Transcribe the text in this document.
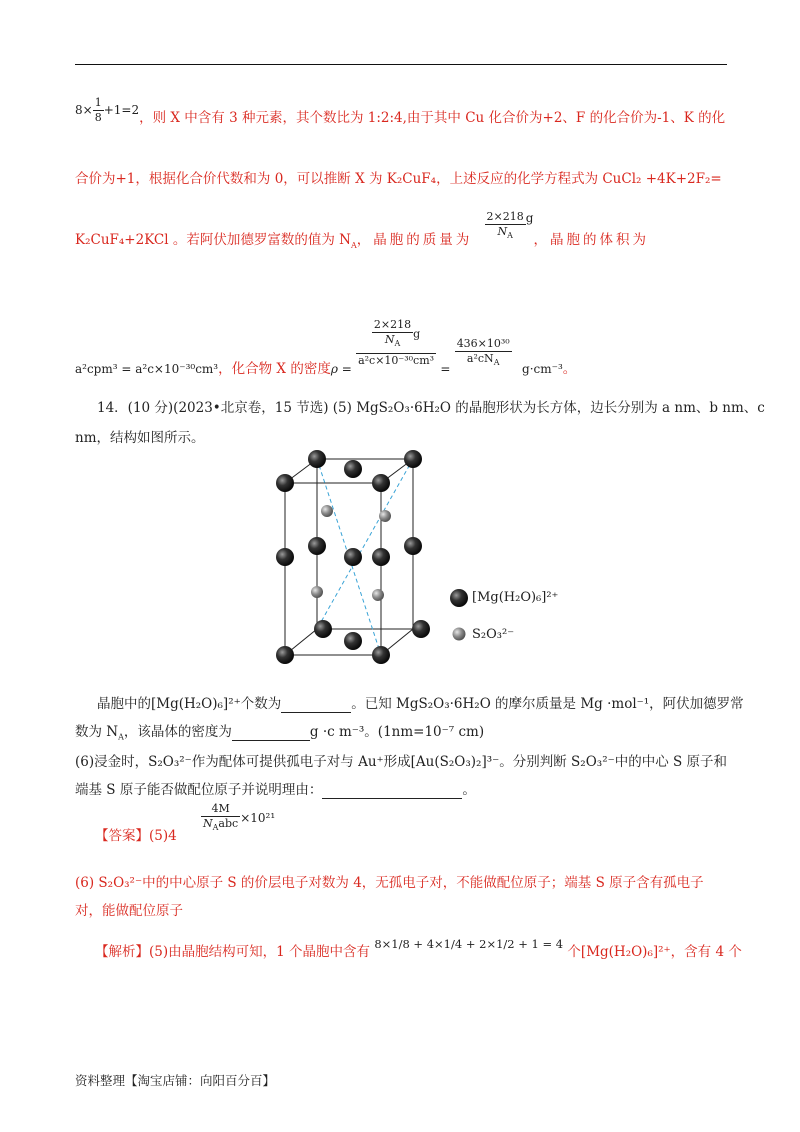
$8\times \frac{1}{8} +1=2$，则 X 中含有 3 种元素，其个数比为 1:2:4,由于其中 Cu 化合价为+2、F 的化合价为-1、K 的化
合价为+1，根据化合价代数和为 0，可以推断 X 为 K₂CuF₄，上述反应的化学方程式为 CuCl₂ +4K+2F₂=
K₂CuF₄+2KCl 。若阿伏加德罗富数的值为 $N_A$，晶胞的质量为 $\frac{2\times 218}{N_A}$ g，晶胞的体积为
a²cpm³ = a²c×10⁻³⁰cm³，化合物 X 的密度ρ =
$\frac{\frac{2\times 218}{N_A} g}{\text{a²c×10⁻³⁰cm³}}$
= $\frac{\text{436×10³⁰}}{a^2cN_A} g\cdot cm^{-3}$。
14．(10 分)(2023•北京卷，15 节选) (5) MgS₂O₃·6H₂O 的晶胞形状为长方体，边长分别为 a nm、b nm、c
nm，结构如图所示。
[Mg(H₂O)₆]²⁺
S₂O₃²⁻
晶胞中的[Mg(H₂O)₆]²⁺个数为	。已知 MgS₂O₃·6H₂O 的摩尔质量是 Mg ·mol⁻¹，阿伏加德罗常
数为 $N_A$，该晶体的密度为	g ·c m⁻³。(1nm=10⁻⁷ cm)
(6)浸金时，S₂O₃²⁻作为配体可提供孤电子对与 Au⁺形成[Au(S₂O₃)₂]³⁻。分别判断 S₂O₃²⁻中的中心 S 原子和
端基 S 原子能否做配位原子并说明理由：	。
【答案】(5)4
$\frac{4M}{N_Aabc} \times 10^{21}$
(6) S₂O₃²⁻中的中心原子 S 的价层电子对数为 4，无孤电子对，不能做配位原子；端基 S 原子含有孤电子
对，能做配位原子
【解析】(5)由晶胞结构可知，1 个晶胞中含有 8×1/8 + 4×1/4 + 2×1/2 + 1 = 4 个[Mg(H₂O)₆]²⁺，含有 4 个
资料整理【淘宝店铺：向阳百分百】
